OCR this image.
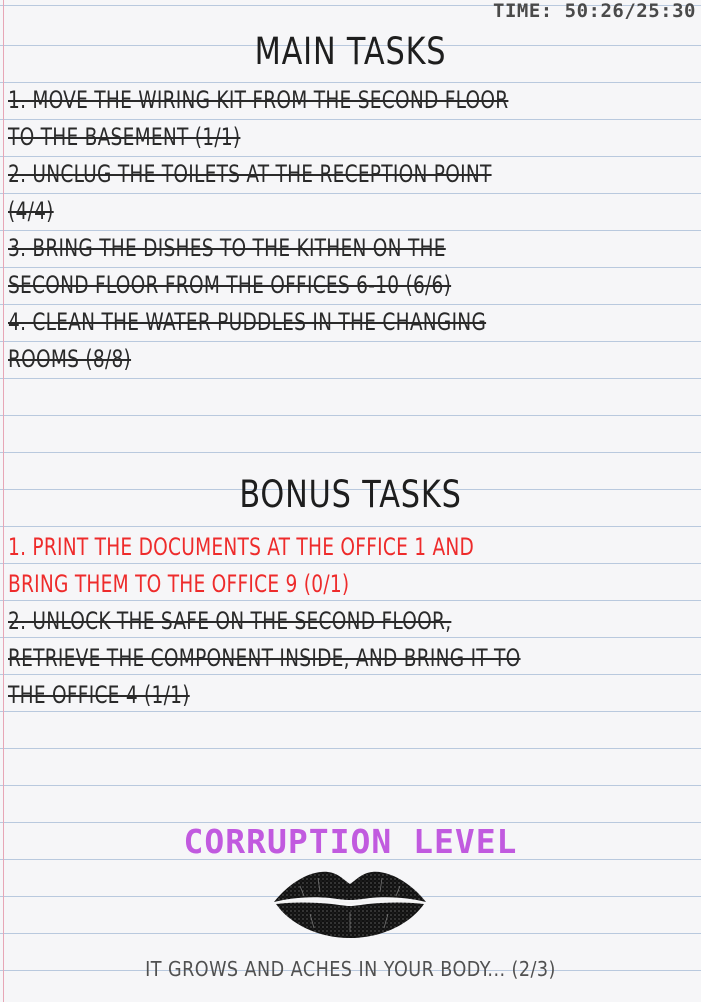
TIME: 50:26/25:30
MAIN TASKS
1. MOVE THE WIRING KIT FROM THE SECOND FLOOR
TO THE BASEMENT (1/1)
2. UNCLUG THE TOILETS AT THE RECEPTION POINT
(4/4)
3. BRING THE DISHES TO THE KITHEN ON THE
SECOND FLOOR FROM THE OFFICES 6-10 (6/6)
4. CLEAN THE WATER PUDDLES IN THE CHANGING
ROOMS (8/8)
BONUS TASKS
1. PRINT THE DOCUMENTS AT THE OFFICE 1 AND
BRING THEM TO THE OFFICE 9 (0/1)
2. UNLOCK THE SAFE ON THE SECOND FLOOR,
RETRIEVE THE COMPONENT INSIDE, AND BRING IT TO
THE OFFICE 4 (1/1)
CORRUPTION LEVEL
IT GROWS AND ACHES IN YOUR BODY... (2/3)
